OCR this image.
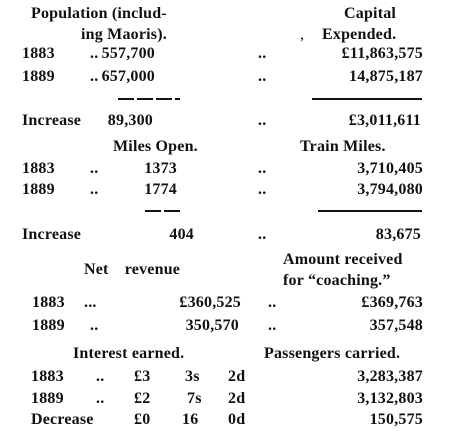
Population (includ-
ing Maoris).
Capital
, Expended.
1883 .. 557,700	..	£11,863,575
1889 .. 657,000	..	14,875,187
Increase 89,300	..	£3,011,611
Miles Open.	Train Miles.
1883 ..	1373	..	3,710,405
1889 ..	1774	..	3,794,080
Increase	404	..	83,675
Net revenue
Amount received
for “coaching.”
1883 ...	£360,525 ..	£369,763
1889 ..	350,570 ..	357,548
Interest earned.	Passengers carried.
1883 .. £3 3s 2d	3,283,387
1889 .. £2 7s 2d	3,132,803
Decrease	£0 16 0d	150,575
